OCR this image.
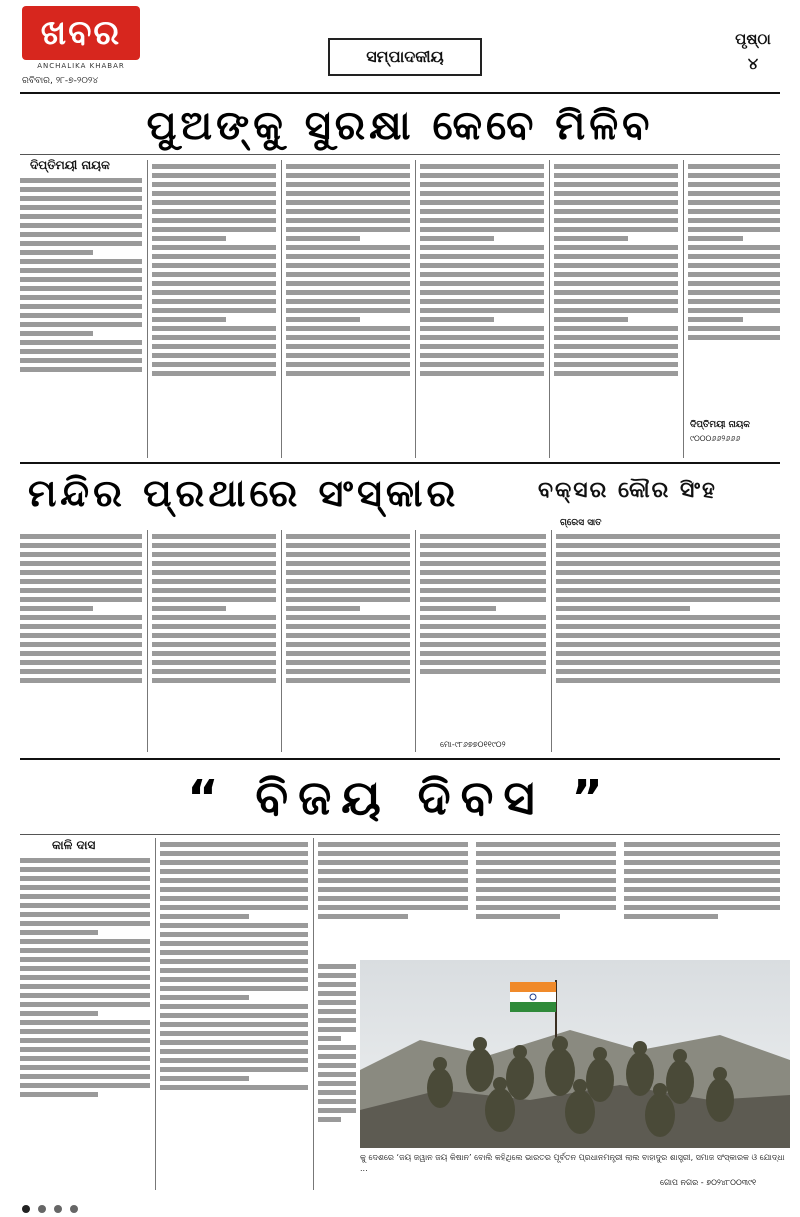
ଖବର
ANCHALIKA KHABAR
ରବିବାର, ୨୮-୭-୨୦୨୪
ସମ୍ପାଦକୀୟ
ପୃଷ୍ଠା
୪
ପୁଅଙ୍କୁ ସୁରକ୍ଷା କେବେ ମିଳିବ
ଦିପ୍ତିମୟୀ ନାୟକ
ଦିପ୍ତିମୟୀ ନାୟକ
୯୦୦୦୬୬୨୬୬୬
ମନ୍ଦିର ପ୍ରଥାରେ ସଂସ୍କାର	ବକ୍ସର କୌର ସିଂହ
ଗ୍ରେସ ସାତ
ମୋ-୯୮୬୭୭୦୧୧୯୦୨
“ ବିଜୟ ଦିବସ ”
କାଳି ଦାସ
କୁ ଦେଶରେ ‘ଜୟ ଜୱାନ ଜୟ କିଷାନ’ ବୋଲି କହିଥିଲେ ଭାରତର ପୂର୍ବତନ ପ୍ରଧାନମନ୍ତ୍ରୀ ଲାଲ ବାହାଦୁର ଶାସ୍ତ୍ରୀ, ସମାଜ ସଂସ୍କାରକ ଓ ଯୋଦ୍ଧା ...
ଗୋପ ନଗର - ୭୦୨୪୮୦୦୩୯୧
